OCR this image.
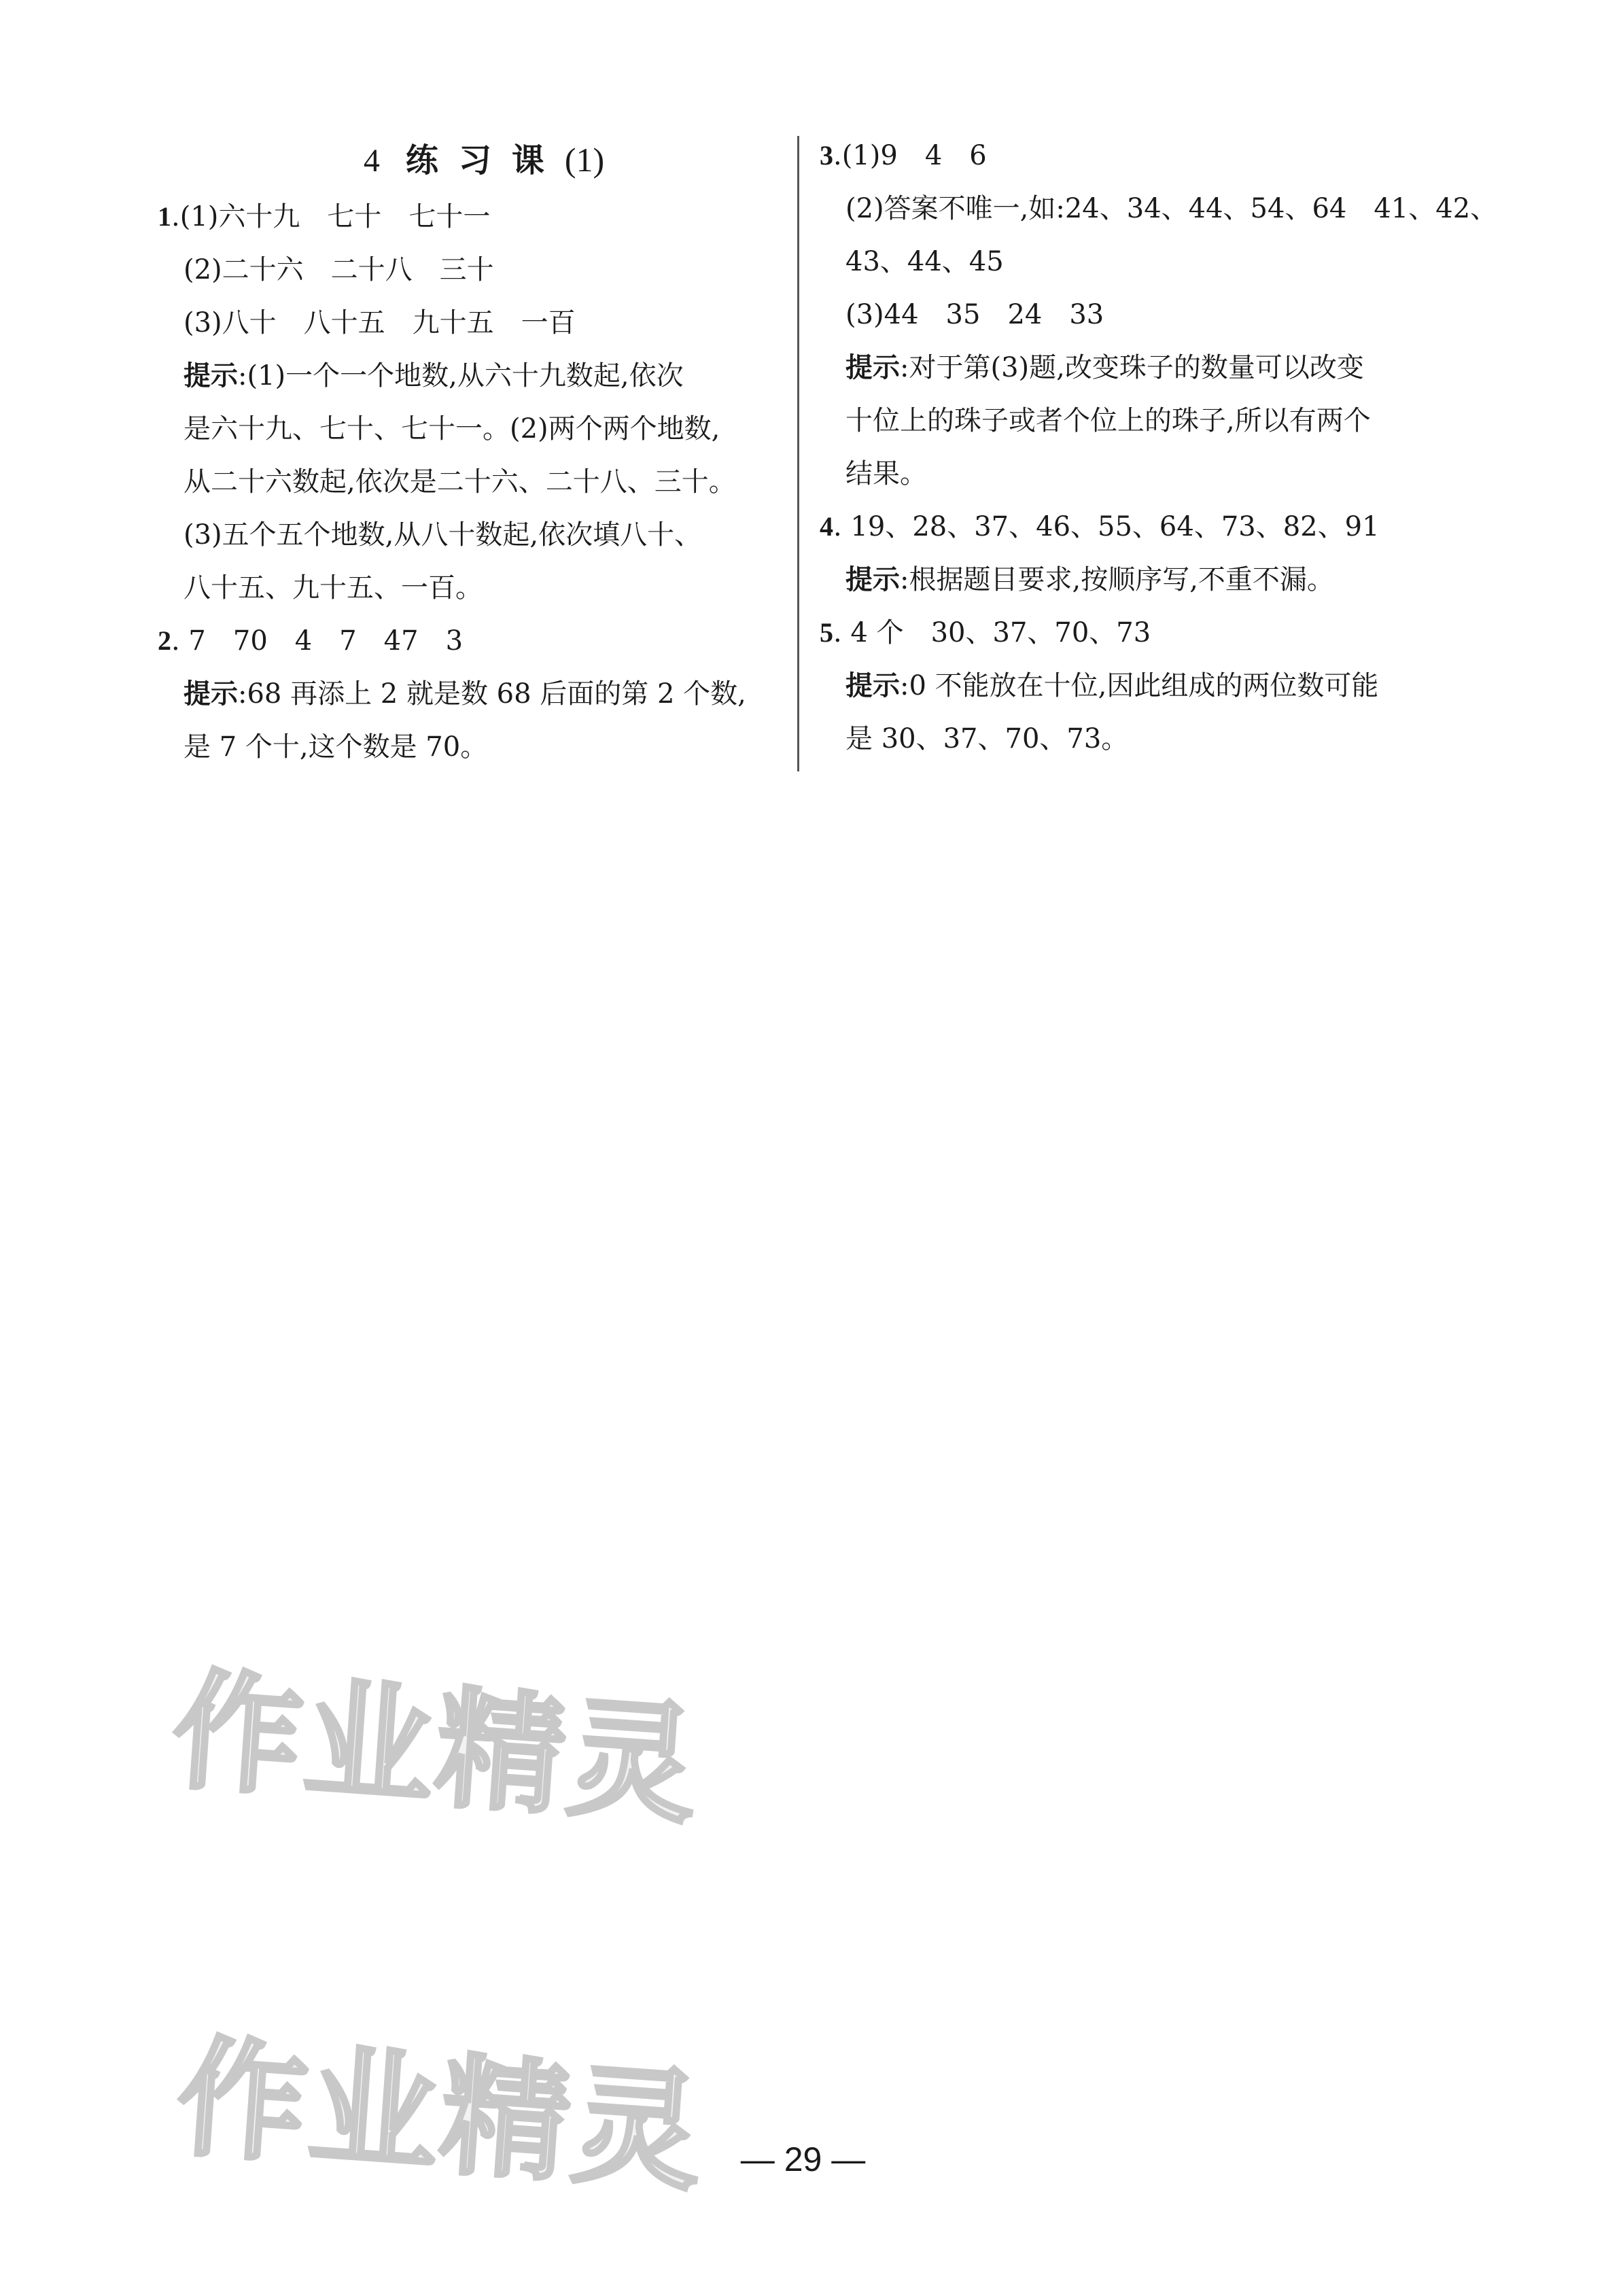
4 练习课(1)
1.(1)六十九　七十　七十一
(2)二十六　二十八　三十
(3)八十　八十五　九十五　一百
提示:(1)一个一个地数,从六十九数起,依次
是六十九、七十、七十一。(2)两个两个地数,
从二十六数起,依次是二十六、二十八、三十。
(3)五个五个地数,从八十数起,依次填八十、
八十五、九十五、一百。
2. 7　70　4　7　47　3
提示:68 再添上 2 就是数 68 后面的第 2 个数,
是 7 个十,这个数是 70。
3.(1)9　4　6
(2)答案不唯一,如:24、34、44、54、64　41、42、
43、44、45
(3)44　35　24　33
提示:对于第(3)题,改变珠子的数量可以改变
十位上的珠子或者个位上的珠子,所以有两个
结果。
4. 19、28、37、46、55、64、73、82、91
提示:根据题目要求,按顺序写,不重不漏。
5. 4 个　30、37、70、73
提示:0 不能放在十位,因此组成的两位数可能
是 30、37、70、73。
作业精灵
作业精灵 — 29 —
